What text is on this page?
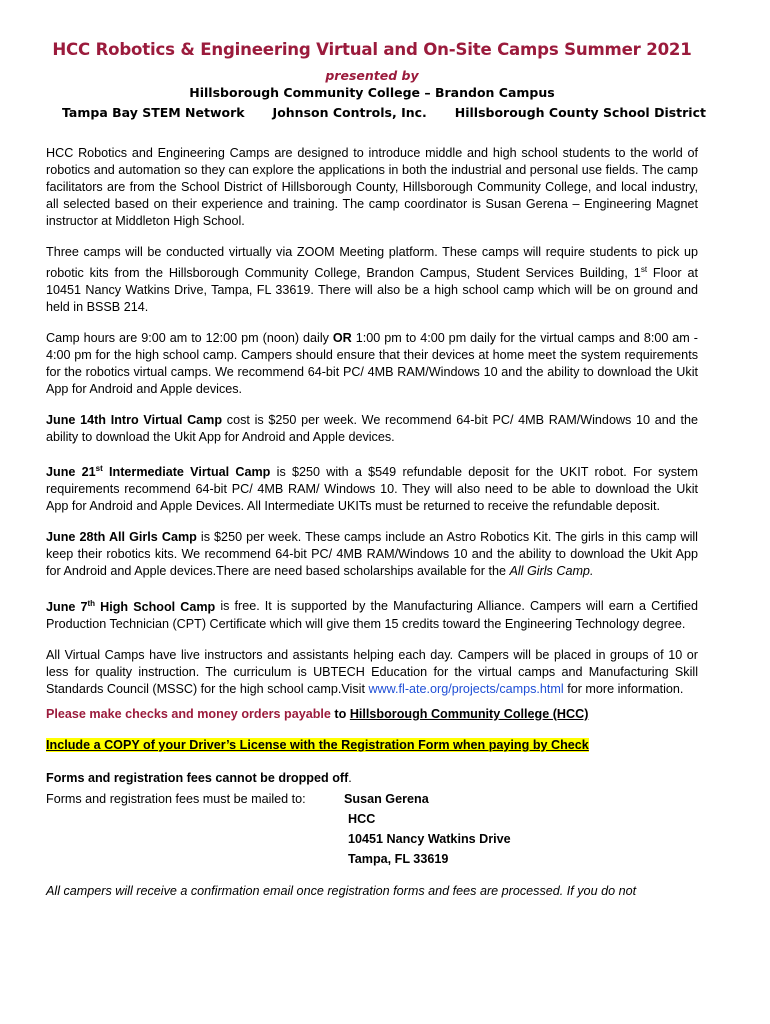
HCC Robotics & Engineering Virtual and On-Site Camps Summer 2021
presented by
Hillsborough Community College – Brandon Campus
Tampa Bay STEM Network Johnson Controls, Inc. Hillsborough County School District

HCC Robotics and Engineering Camps are designed to introduce middle and high school students to the world of robotics and automation so they can explore the applications in both the industrial and personal use fields. The camp facilitators are from the School District of Hillsborough County, Hillsborough Community College, and local industry, all selected based on their experience and training. The camp coordinator is Susan Gerena – Engineering Magnet instructor at Middleton High School.

Three camps will be conducted virtually via ZOOM Meeting platform. These camps will require students to pick up robotic kits from the Hillsborough Community College, Brandon Campus, Student Services Building, 1st Floor at 10451 Nancy Watkins Drive, Tampa, FL 33619. There will also be a high school camp which will be on ground and held in BSSB 214.

Camp hours are 9:00 am to 12:00 pm (noon) daily OR 1:00 pm to 4:00 pm daily for the virtual camps and 8:00 am - 4:00 pm for the high school camp. Campers should ensure that their devices at home meet the system requirements for the robotics virtual camps. We recommend 64-bit PC/ 4MB RAM/Windows 10 and the ability to download the Ukit App for Android and Apple devices.

June 14th Intro Virtual Camp cost is $250 per week. We recommend 64-bit PC/ 4MB RAM/Windows 10 and the ability to download the Ukit App for Android and Apple devices.

June 21st Intermediate Virtual Camp is $250 with a $549 refundable deposit for the UKIT robot. For system requirements recommend 64-bit PC/ 4MB RAM/ Windows 10. They will also need to be able to download the Ukit App for Android and Apple Devices. All Intermediate UKITs must be returned to receive the refundable deposit.

June 28th All Girls Camp is $250 per week. These camps include an Astro Robotics Kit. The girls in this camp will keep their robotics kits. We recommend 64-bit PC/ 4MB RAM/Windows 10 and the ability to download the Ukit App for Android and Apple devices.There are need based scholarships available for the All Girls Camp.

June 7th High School Camp is free. It is supported by the Manufacturing Alliance. Campers will earn a Certified Production Technician (CPT) Certificate which will give them 15 credits toward the Engineering Technology degree.

All Virtual Camps have live instructors and assistants helping each day. Campers will be placed in groups of 10 or less for quality instruction. The curriculum is UBTECH Education for the virtual camps and Manufacturing Skill Standards Council (MSSC) for the high school camp.Visit www.fl-ate.org/projects/camps.html for more information.

Please make checks and money orders payable to Hillsborough Community College (HCC)

Include a COPY of your Driver’s License with the Registration Form when paying by Check

Forms and registration fees cannot be dropped off.

Forms and registration fees must be mailed to:	Susan Gerena
HCC
10451 Nancy Watkins Drive
Tampa, FL 33619
All campers will receive a confirmation email once registration forms and fees are processed. If you do not
